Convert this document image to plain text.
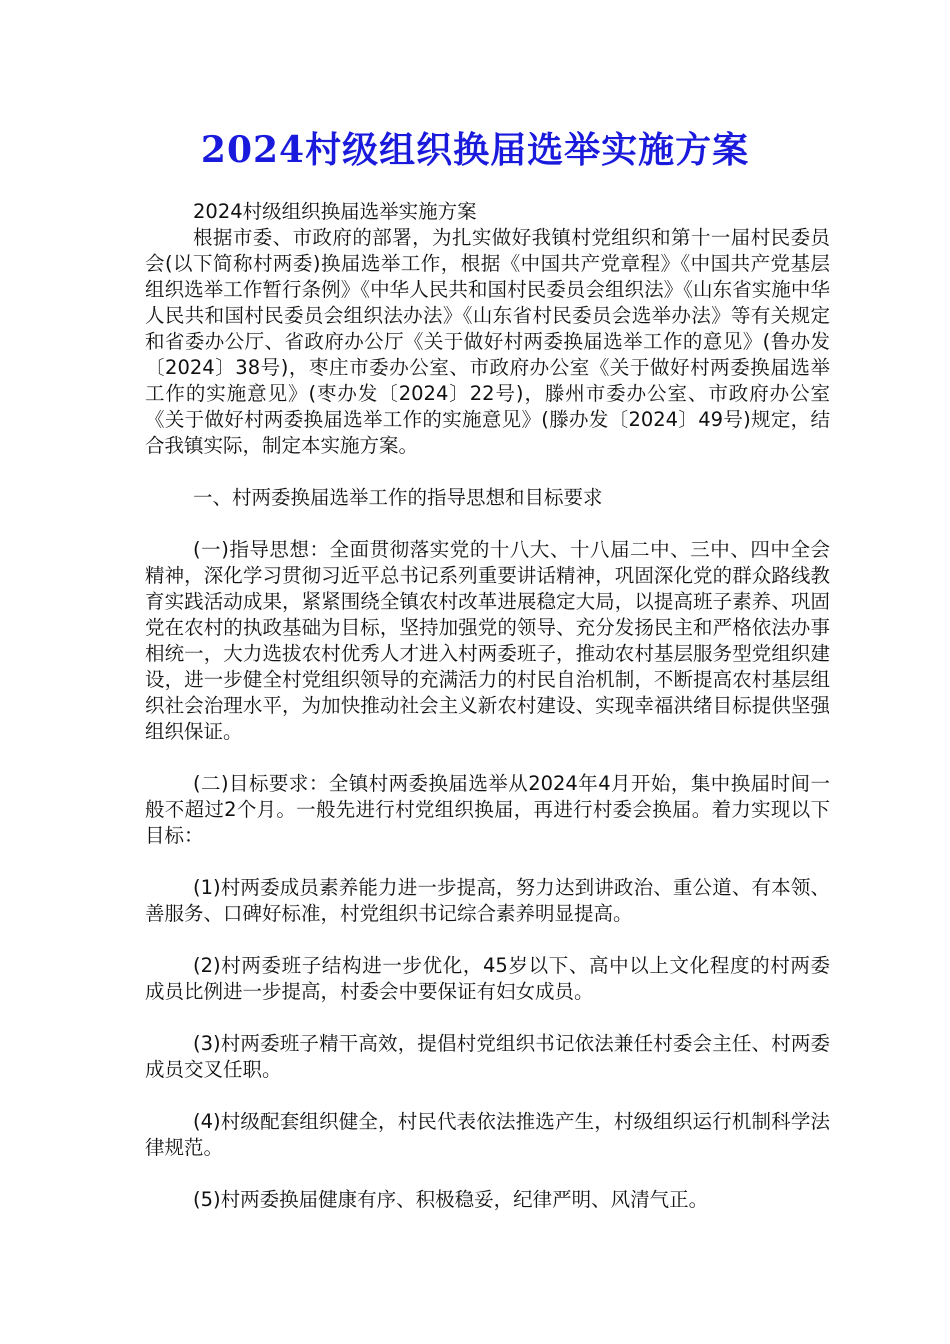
2024村级组织换届选举实施方案

2024村级组织换届选举实施方案

根据市委、市政府的部署，为扎实做好我镇村党组织和第十一届村民委员会(以下简称村两委)换届选举工作，根据《中国共产党章程》《中国共产党基层组织选举工作暂行条例》《中华人民共和国村民委员会组织法》《山东省实施中华人民共和国村民委员会组织法办法》《山东省村民委员会选举办法》等有关规定和省委办公厅、省政府办公厅《关于做好村两委换届选举工作的意见》(鲁办发〔2024〕38号)，枣庄市委办公室、市政府办公室《关于做好村两委换届选举工作的实施意见》(枣办发〔2024〕22号)，滕州市委办公室、市政府办公室《关于做好村两委换届选举工作的实施意见》(滕办发〔2024〕49号)规定，结合我镇实际，制定本实施方案。

一、村两委换届选举工作的指导思想和目标要求

(一)指导思想：全面贯彻落实党的十八大、十八届二中、三中、四中全会精神，深化学习贯彻习近平总书记系列重要讲话精神，巩固深化党的群众路线教育实践活动成果，紧紧围绕全镇农村改革进展稳定大局，以提高班子素养、巩固党在农村的执政基础为目标，坚持加强党的领导、充分发扬民主和严格依法办事相统一，大力选拔农村优秀人才进入村两委班子，推动农村基层服务型党组织建设，进一步健全村党组织领导的充满活力的村民自治机制，不断提高农村基层组织社会治理水平，为加快推动社会主义新农村建设、实现幸福洪绪目标提供坚强组织保证。

(二)目标要求：全镇村两委换届选举从2024年4月开始，集中换届时间一般不超过2个月。一般先进行村党组织换届，再进行村委会换届。着力实现以下目标：

(1)村两委成员素养能力进一步提高，努力达到讲政治、重公道、有本领、善服务、口碑好标准，村党组织书记综合素养明显提高。

(2)村两委班子结构进一步优化，45岁以下、高中以上文化程度的村两委成员比例进一步提高，村委会中要保证有妇女成员。

(3)村两委班子精干高效，提倡村党组织书记依法兼任村委会主任、村两委成员交叉任职。

(4)村级配套组织健全，村民代表依法推选产生，村级组织运行机制科学法律规范。

(5)村两委换届健康有序、积极稳妥，纪律严明、风清气正。
